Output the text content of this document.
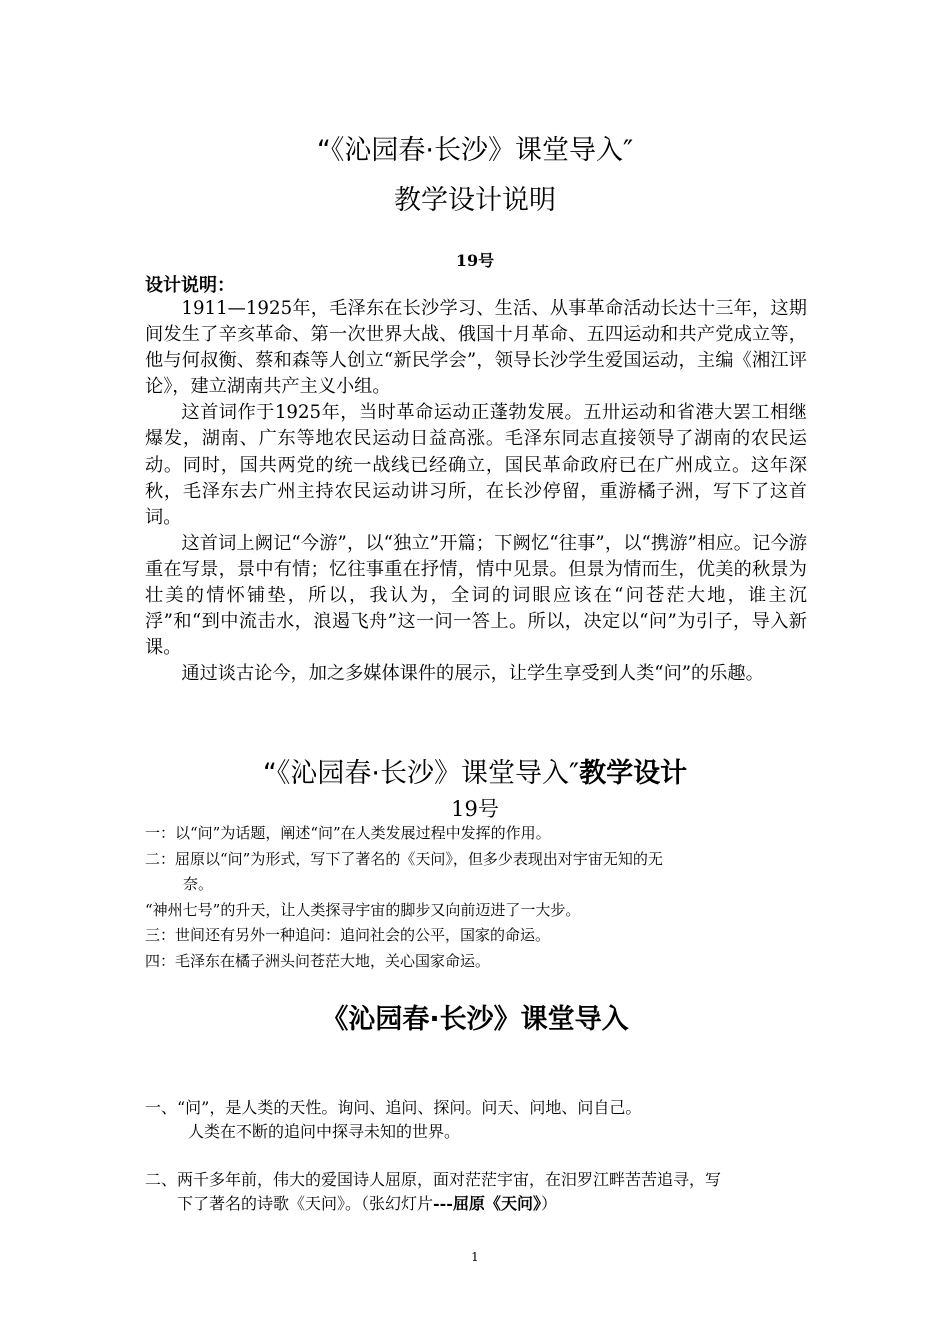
“《沁园春·长沙》课堂导入″
教学设计说明
19号
设计说明：

1911—1925年，毛泽东在长沙学习、生活、从事革命活动长达十三年，这期间发生了辛亥革命、第一次世界大战、俄国十月革命、五四运动和共产党成立等，他与何叔衡、蔡和森等人创立“新民学会”，领导长沙学生爱国运动，主编《湘江评论》，建立湖南共产主义小组。

这首词作于1925年，当时革命运动正蓬勃发展。五卅运动和省港大罢工相继爆发，湖南、广东等地农民运动日益高涨。毛泽东同志直接领导了湖南的农民运动。同时，国共两党的统一战线已经确立，国民革命政府已在广州成立。这年深秋，毛泽东去广州主持农民运动讲习所，在长沙停留，重游橘子洲，写下了这首词。

这首词上阙记“今游”，以“独立”开篇；下阙忆“往事”，以“携游”相应。记今游重在写景，景中有情；忆往事重在抒情，情中见景。但景为情而生，优美的秋景为壮美的情怀铺垫，所以，我认为，全词的词眼应该在“问苍茫大地，谁主沉浮”和“到中流击水，浪遏飞舟”这一问一答上。所以，决定以“问”为引子，导入新课。

通过谈古论今，加之多媒体课件的展示，让学生享受到人类“问”的乐趣。

“《沁园春·长沙》课堂导入″教学设计
19号
一：以“问”为话题，阐述“问”在人类发展过程中发挥的作用。
二：屈原以“问”为形式，写下了著名的《天问》，但多少表现出对宇宙无知的无
奈。
“神州七号”的升天，让人类探寻宇宙的脚步又向前迈进了一大步。
三：世间还有另外一种追问：追问社会的公平，国家的命运。
四：毛泽东在橘子洲头问苍茫大地，关心国家命运。
《沁园春·长沙》课堂导入
一、“问”，是人类的天性。询问、追问、探问。问天、问地、问自己。
人类在不断的追问中探寻未知的世界。
二、两千多年前，伟大的爱国诗人屈原，面对茫茫宇宙，在汨罗江畔苦苦追寻，写
下了著名的诗歌《天问》。（张幻灯片---屈原《天问》）
1
